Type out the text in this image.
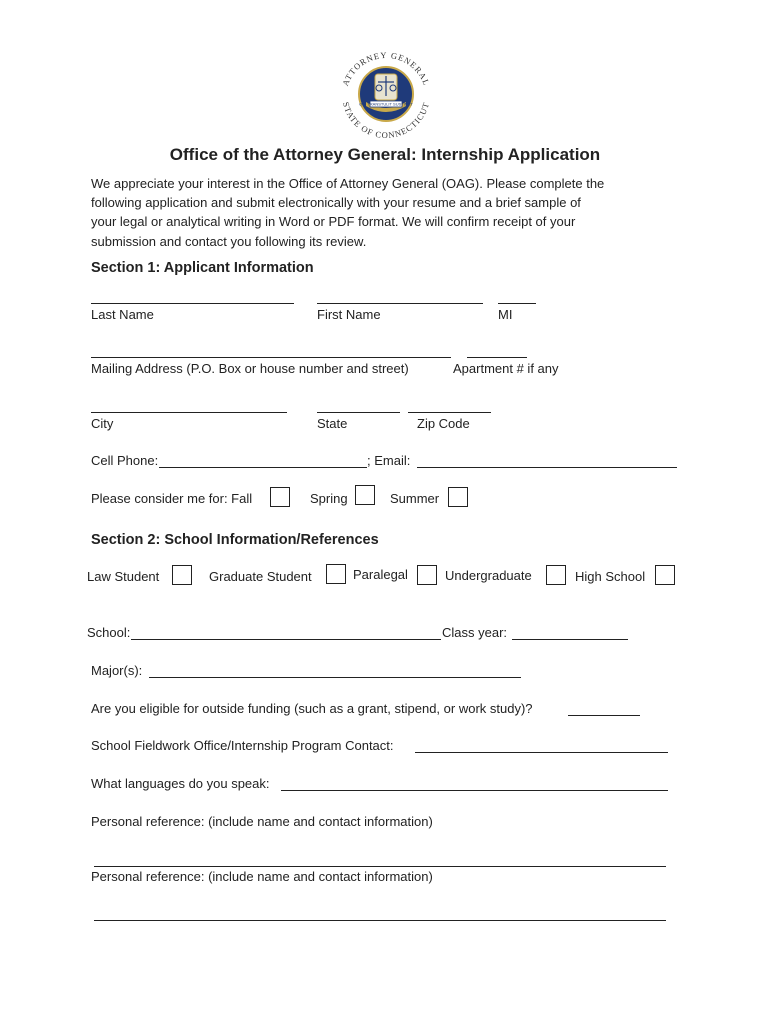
QUI TRANSTULIT SUSTINET
ATTORNEY GENERAL
STATE OF CONNECTICUT
Office of the Attorney General: Internship Application
We appreciate your interest in the Office of Attorney General (OAG). Please complete the
following application and submit electronically with your resume and a brief sample of
your legal or analytical writing in Word or PDF format. We will confirm receipt of your
submission and contact you following its review.
Section 1: Applicant Information
Last Name	First Name	MI
Mailing Address (P.O. Box or house number and street)	Apartment # if any
City	State	Zip Code
Cell Phone:	; Email:
Please consider me for: Fall	Spring	Summer
Section 2: School Information/References
Law Student	Graduate Student	Paralegal	Undergraduate	High School
School:	Class year:
Major(s):
Are you eligible for outside funding (such as a grant, stipend, or work study)?
School Fieldwork Office/Internship Program Contact:
What languages do you speak:
Personal reference: (include name and contact information)
Personal reference: (include name and contact information)
